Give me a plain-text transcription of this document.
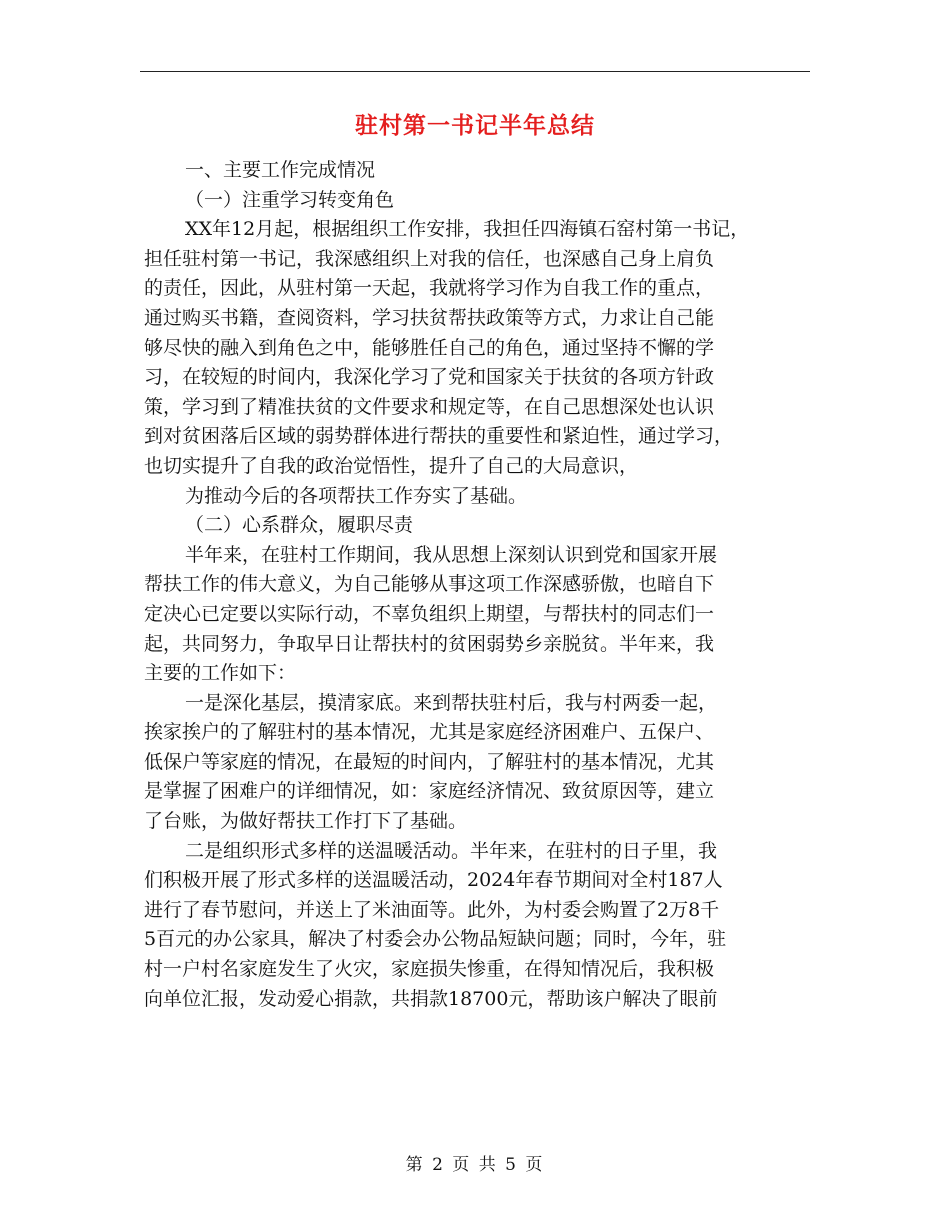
驻村第一书记半年总结
一、主要工作完成情况
（一）注重学习转变角色
XX年12月起，根据组织工作安排，我担任四海镇石窑村第一书记，
担任驻村第一书记，我深感组织上对我的信任，也深感自己身上肩负
的责任，因此，从驻村第一天起，我就将学习作为自我工作的重点，
通过购买书籍，查阅资料，学习扶贫帮扶政策等方式，力求让自己能
够尽快的融入到角色之中，能够胜任自己的角色，通过坚持不懈的学
习，在较短的时间内，我深化学习了党和国家关于扶贫的各项方针政
策，学习到了精准扶贫的文件要求和规定等，在自己思想深处也认识
到对贫困落后区域的弱势群体进行帮扶的重要性和紧迫性，通过学习，
也切实提升了自我的政治觉悟性，提升了自己的大局意识，
为推动今后的各项帮扶工作夯实了基础。
（二）心系群众，履职尽责
半年来，在驻村工作期间，我从思想上深刻认识到党和国家开展
帮扶工作的伟大意义，为自己能够从事这项工作深感骄傲，也暗自下
定决心已定要以实际行动，不辜负组织上期望，与帮扶村的同志们一
起，共同努力，争取早日让帮扶村的贫困弱势乡亲脱贫。半年来，我
主要的工作如下：
一是深化基层，摸清家底。来到帮扶驻村后，我与村两委一起，
挨家挨户的了解驻村的基本情况，尤其是家庭经济困难户、五保户、
低保户等家庭的情况，在最短的时间内，了解驻村的基本情况，尤其
是掌握了困难户的详细情况，如：家庭经济情况、致贫原因等，建立
了台账，为做好帮扶工作打下了基础。
二是组织形式多样的送温暖活动。半年来，在驻村的日子里，我
们积极开展了形式多样的送温暖活动，2024年春节期间对全村187人
进行了春节慰问，并送上了米油面等。此外，为村委会购置了2万8千
5百元的办公家具，解决了村委会办公物品短缺问题；同时，今年，驻
村一户村名家庭发生了火灾，家庭损失惨重，在得知情况后，我积极
向单位汇报，发动爱心捐款，共捐款18700元，帮助该户解决了眼前
第 2 页 共 5 页
